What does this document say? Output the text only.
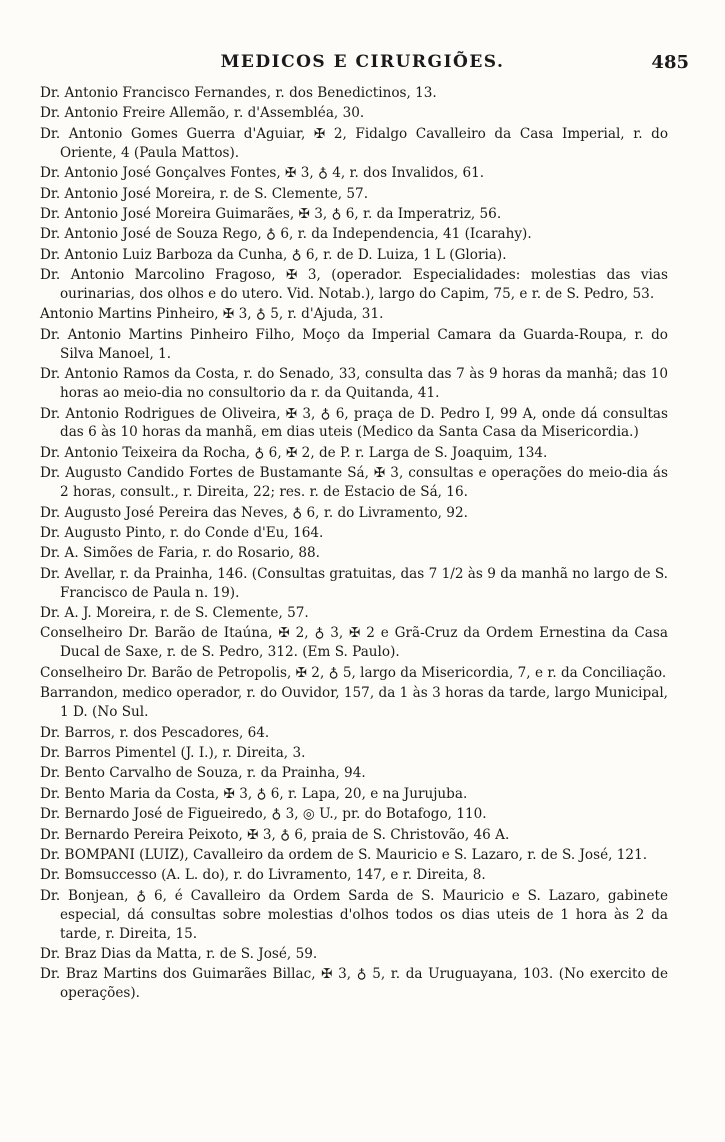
MEDICOS E CIRURGIÕES.	485

Dr. Antonio Francisco Fernandes, r. dos Benedictinos, 13.

Dr. Antonio Freire Allemão, r. d'Assembléa, 30.

Dr. Antonio Gomes Guerra d'Aguiar, ✠ 2, Fidalgo Cavalleiro da Casa Imperial, r. do Oriente, 4 (Paula Mattos).

Dr. Antonio José Gonçalves Fontes, ✠ 3, ♁ 4, r. dos Invalidos, 61.

Dr. Antonio José Moreira, r. de S. Clemente, 57.

Dr. Antonio José Moreira Guimarães, ✠ 3, ♁ 6, r. da Imperatriz, 56.

Dr. Antonio José de Souza Rego, ♁ 6, r. da Independencia, 41 (Icarahy).

Dr. Antonio Luiz Barboza da Cunha, ♁ 6, r. de D. Luiza, 1 L (Gloria).

Dr. Antonio Marcolino Fragoso, ✠ 3, (operador. Especialidades: molestias das vias ourinarias, dos olhos e do utero. Vid. Notab.), largo do Capim, 75, e r. de S. Pedro, 53.

Antonio Martins Pinheiro, ✠ 3, ♁ 5, r. d'Ajuda, 31.

Dr. Antonio Martins Pinheiro Filho, Moço da Imperial Camara da Guarda-Roupa, r. do Silva Manoel, 1.

Dr. Antonio Ramos da Costa, r. do Senado, 33, consulta das 7 às 9 horas da manhã; das 10 horas ao meio-dia no consultorio da r. da Quitanda, 41.

Dr. Antonio Rodrigues de Oliveira, ✠ 3, ♁ 6, praça de D. Pedro I, 99 A, onde dá consultas das 6 às 10 horas da manhã, em dias uteis (Medico da Santa Casa da Misericordia.)

Dr. Antonio Teixeira da Rocha, ♁ 6, ✠ 2, de P. r. Larga de S. Joaquim, 134.

Dr. Augusto Candido Fortes de Bustamante Sá, ✠ 3, consultas e operações do meio-dia ás 2 horas, consult., r. Direita, 22; res. r. de Estacio de Sá, 16.

Dr. Augusto José Pereira das Neves, ♁ 6, r. do Livramento, 92.

Dr. Augusto Pinto, r. do Conde d'Eu, 164.

Dr. A. Simões de Faria, r. do Rosario, 88.

Dr. Avellar, r. da Prainha, 146. (Consultas gratuitas, das 7 1/2 às 9 da manhã no largo de S. Francisco de Paula n. 19).

Dr. A. J. Moreira, r. de S. Clemente, 57.

Conselheiro Dr. Barão de Itaúna, ✠ 2, ♁ 3, ✠ 2 e Grã-Cruz da Ordem Ernestina da Casa Ducal de Saxe, r. de S. Pedro, 312. (Em S. Paulo).

Conselheiro Dr. Barão de Petropolis, ✠ 2, ♁ 5, largo da Misericordia, 7, e r. da Conciliação.

Barrandon, medico operador, r. do Ouvidor, 157, da 1 às 3 horas da tarde, largo Municipal, 1 D. (No Sul.

Dr. Barros, r. dos Pescadores, 64.

Dr. Barros Pimentel (J. I.), r. Direita, 3.

Dr. Bento Carvalho de Souza, r. da Prainha, 94.

Dr. Bento Maria da Costa, ✠ 3, ♁ 6, r. Lapa, 20, e na Jurujuba.

Dr. Bernardo José de Figueiredo, ♁ 3, ◎ U., pr. do Botafogo, 110.

Dr. Bernardo Pereira Peixoto, ✠ 3, ♁ 6, praia de S. Christovão, 46 A.

Dr. BOMPANI (LUIZ), Cavalleiro da ordem de S. Mauricio e S. Lazaro, r. de S. José, 121.

Dr. Bomsuccesso (A. L. do), r. do Livramento, 147, e r. Direita, 8.

Dr. Bonjean, ♁ 6, é Cavalleiro da Ordem Sarda de S. Mauricio e S. Lazaro, gabinete especial, dá consultas sobre molestias d'olhos todos os dias uteis de 1 hora às 2 da tarde, r. Direita, 15.

Dr. Braz Dias da Matta, r. de S. José, 59.

Dr. Braz Martins dos Guimarães Billac, ✠ 3, ♁ 5, r. da Uruguayana, 103. (No exercito de operações).
